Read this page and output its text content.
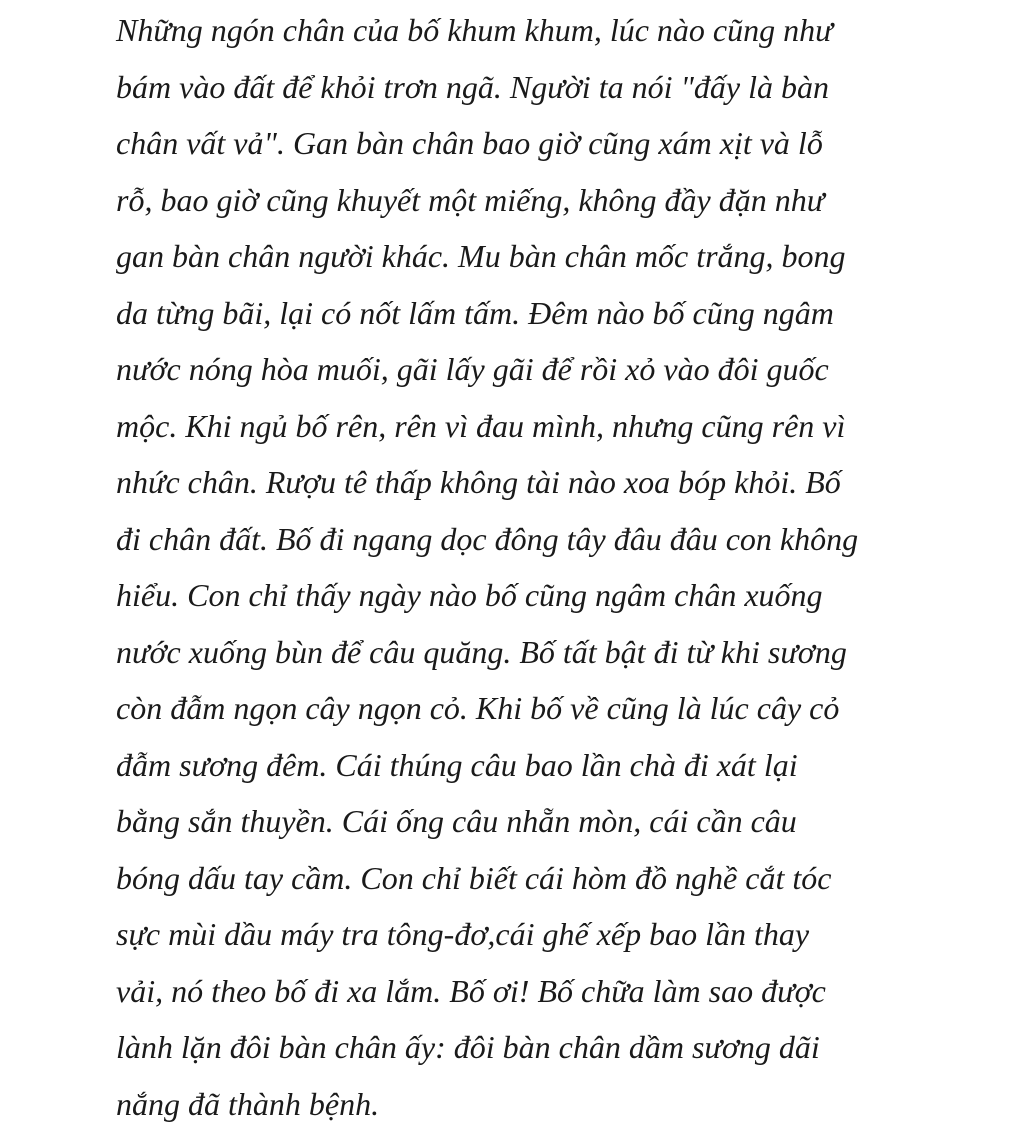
Những ngón chân của bố khum khum, lúc nào cũng như
bám vào đất để khỏi trơn ngã. Người ta nói "đấy là bàn
chân vất vả". Gan bàn chân bao giờ cũng xám xịt và lỗ
rỗ, bao giờ cũng khuyết một miếng, không đầy đặn như
gan bàn chân người khác. Mu bàn chân mốc trắng, bong
da từng bãi, lại có nốt lấm tấm. Đêm nào bố cũng ngâm
nước nóng hòa muối, gãi lấy gãi để rồi xỏ vào đôi guốc
mộc. Khi ngủ bố rên, rên vì đau mình, nhưng cũng rên vì
nhức chân. Rượu tê thấp không tài nào xoa bóp khỏi. Bố
đi chân đất. Bố đi ngang dọc đông tây đâu đâu con không
hiểu. Con chỉ thấy ngày nào bố cũng ngâm chân xuống
nước xuống bùn để câu quăng. Bố tất bật đi từ khi sương
còn đẫm ngọn cây ngọn cỏ. Khi bố về cũng là lúc cây cỏ
đẫm sương đêm. Cái thúng câu bao lần chà đi xát lại
bằng sắn thuyền. Cái ống câu nhẵn mòn, cái cần câu
bóng dấu tay cầm. Con chỉ biết cái hòm đồ nghề cắt tóc
sực mùi dầu máy tra tông-đơ,cái ghế xếp bao lần thay
vải, nó theo bố đi xa lắm. Bố ơi! Bố chữa làm sao được
lành lặn đôi bàn chân ấy: đôi bàn chân dầm sương dãi
nắng đã thành bệnh.
